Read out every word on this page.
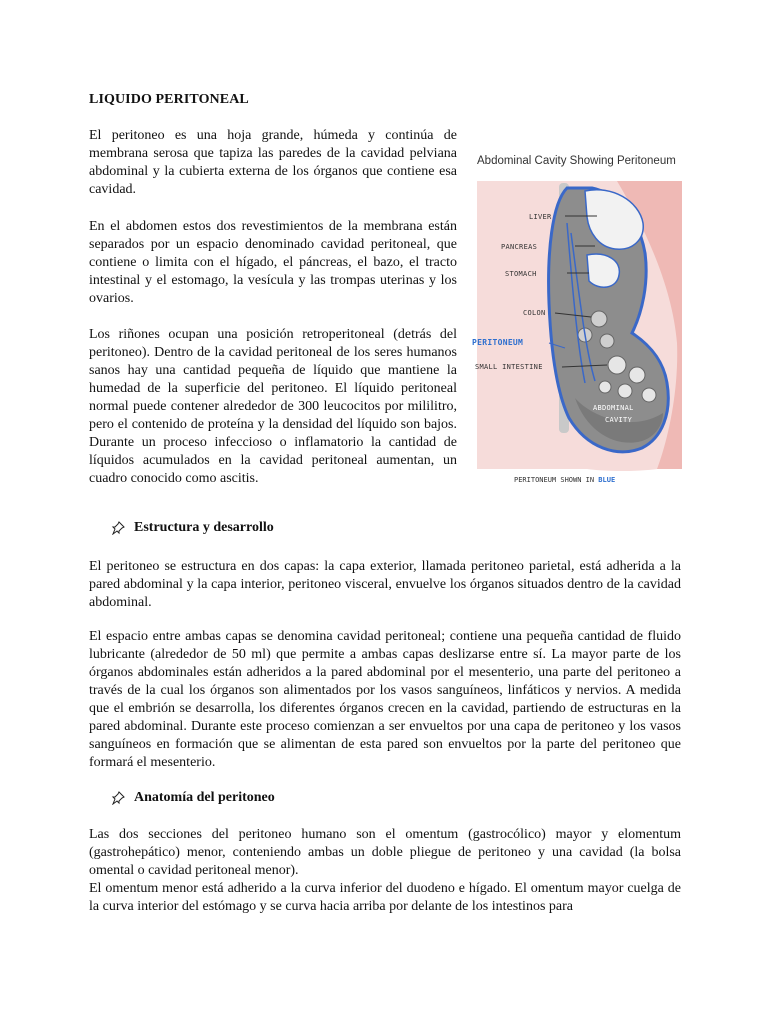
LIQUIDO PERITONEAL

El peritoneo es una hoja grande, húmeda y continúa de membrana serosa que tapiza las paredes de la cavidad pelviana abdominal y la cubierta externa de los órganos que contiene esa cavidad.

En el abdomen estos dos revestimientos de la membrana están separados por un espacio denominado cavidad peritoneal, que contiene o limita con el hígado, el páncreas, el bazo, el tracto intestinal y el estomago, la vesícula y las trompas uterinas y los ovarios.

Los riñones ocupan una posición retroperitoneal (detrás del peritoneo). Dentro de la cavidad peritoneal de los seres humanos sanos hay una cantidad pequeña de líquido que mantiene la humedad de la superficie del peritoneo. El líquido peritoneal normal puede contener alrededor de 300 leucocitos por mililitro, pero el contenido de proteína y la densidad del líquido son bajos. Durante un proceso infeccioso o inflamatorio la cantidad de líquidos acumulados en la cavidad peritoneal aumentan, un cuadro conocido como ascitis.

Abdominal Cavity Showing Peritoneum
LIVER
PANCREAS
STOMACH
COLON
PERITONEUM
SMALL INTESTINE
ABDOMINAL
CAVITY
PERITONEUM SHOWN IN BLUE
Estructura y desarrollo

El peritoneo se estructura en dos capas: la capa exterior, llamada peritoneo parietal, está adherida a la pared abdominal y la capa interior, peritoneo visceral, envuelve los órganos situados dentro de la cavidad abdominal.

El espacio entre ambas capas se denomina cavidad peritoneal; contiene una pequeña cantidad de fluido lubricante (alrededor de 50 ml) que permite a ambas capas deslizarse entre sí. La mayor parte de los órganos abdominales están adheridos a la pared abdominal por el mesenterio, una parte del peritoneo a través de la cual los órganos son alimentados por los vasos sanguíneos, linfáticos y nervios. A medida que el embrión se desarrolla, los diferentes órganos crecen en la cavidad, partiendo de estructuras en la pared abdominal. Durante este proceso comienzan a ser envueltos por una capa de peritoneo y los vasos sanguíneos en formación que se alimentan de esta pared son envueltos por la parte del peritoneo que formará el mesenterio.

Anatomía del peritoneo

Las dos secciones del peritoneo humano son el omentum (gastrocólico) mayor y elomentum (gastrohepático) menor, conteniendo ambas un doble pliegue de peritoneo y una cavidad (la bolsa omental o cavidad peritoneal menor).

El omentum menor está adherido a la curva inferior del duodeno e hígado. El omentum mayor cuelga de la curva interior del estómago y se curva hacia arriba por delante de los intestinos para
